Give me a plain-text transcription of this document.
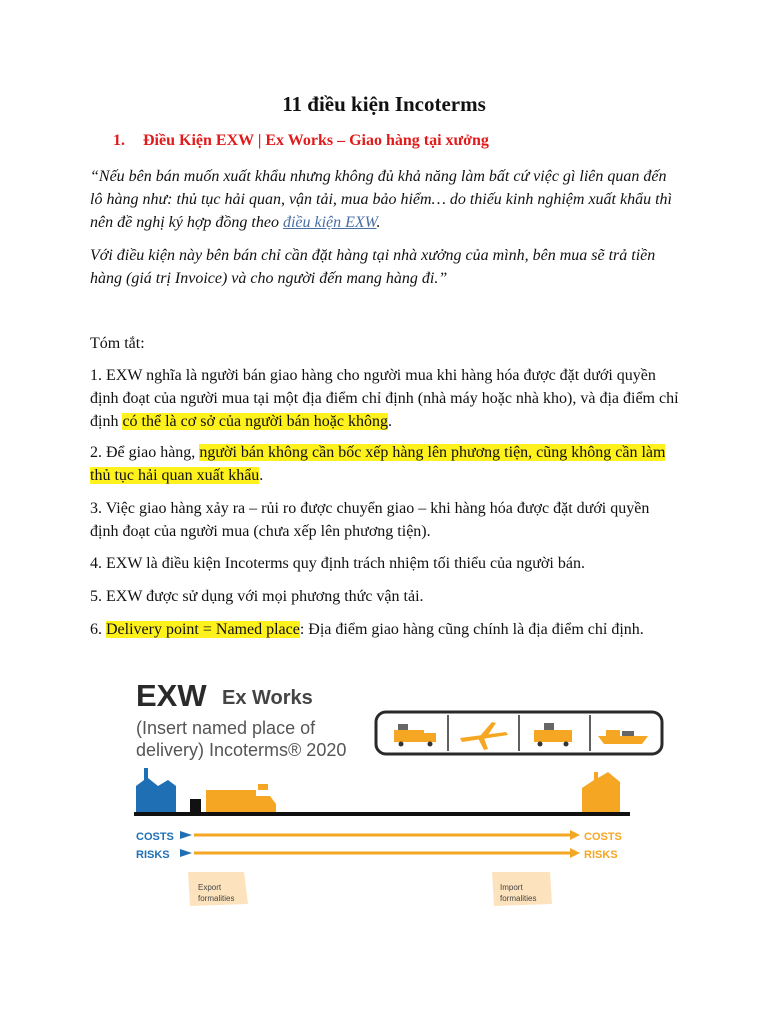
11 điều kiện Incoterms
1. Điều Kiện EXW | Ex Works – Giao hàng tại xưởng

“Nếu bên bán muốn xuất khẩu nhưng không đủ khả năng làm bất cứ việc gì liên quan đến lô hàng như: thủ tục hải quan, vận tải, mua bảo hiểm… do thiếu kinh nghiệm xuất khẩu thì nên đề nghị ký hợp đồng theo điều kiện EXW.

Với điều kiện này bên bán chỉ cần đặt hàng tại nhà xưởng của mình, bên mua sẽ trả tiền hàng (giá trị Invoice) và cho người đến mang hàng đi.”

Tóm tắt:

1. EXW nghĩa là người bán giao hàng cho người mua khi hàng hóa được đặt dưới quyền định đoạt của người mua tại một địa điểm chỉ định (nhà máy hoặc nhà kho), và địa điểm chỉ định có thể là cơ sở của người bán hoặc không.

2. Để giao hàng, người bán không cần bốc xếp hàng lên phương tiện, cũng không cần làm thủ tục hải quan xuất khẩu.

3. Việc giao hàng xảy ra – rủi ro được chuyển giao – khi hàng hóa được đặt dưới quyền định đoạt của người mua (chưa xếp lên phương tiện).

4. EXW là điều kiện Incoterms quy định trách nhiệm tối thiểu của người bán.

5. EXW được sử dụng với mọi phương thức vận tải.

6. Delivery point = Named place: Địa điểm giao hàng cũng chính là địa điểm chỉ định.

EXW Ex Works
(Insert named place of
delivery) Incoterms® 2020
COSTS
RISKS
COSTS
RISKS
Export
formalities
Import
formalities
